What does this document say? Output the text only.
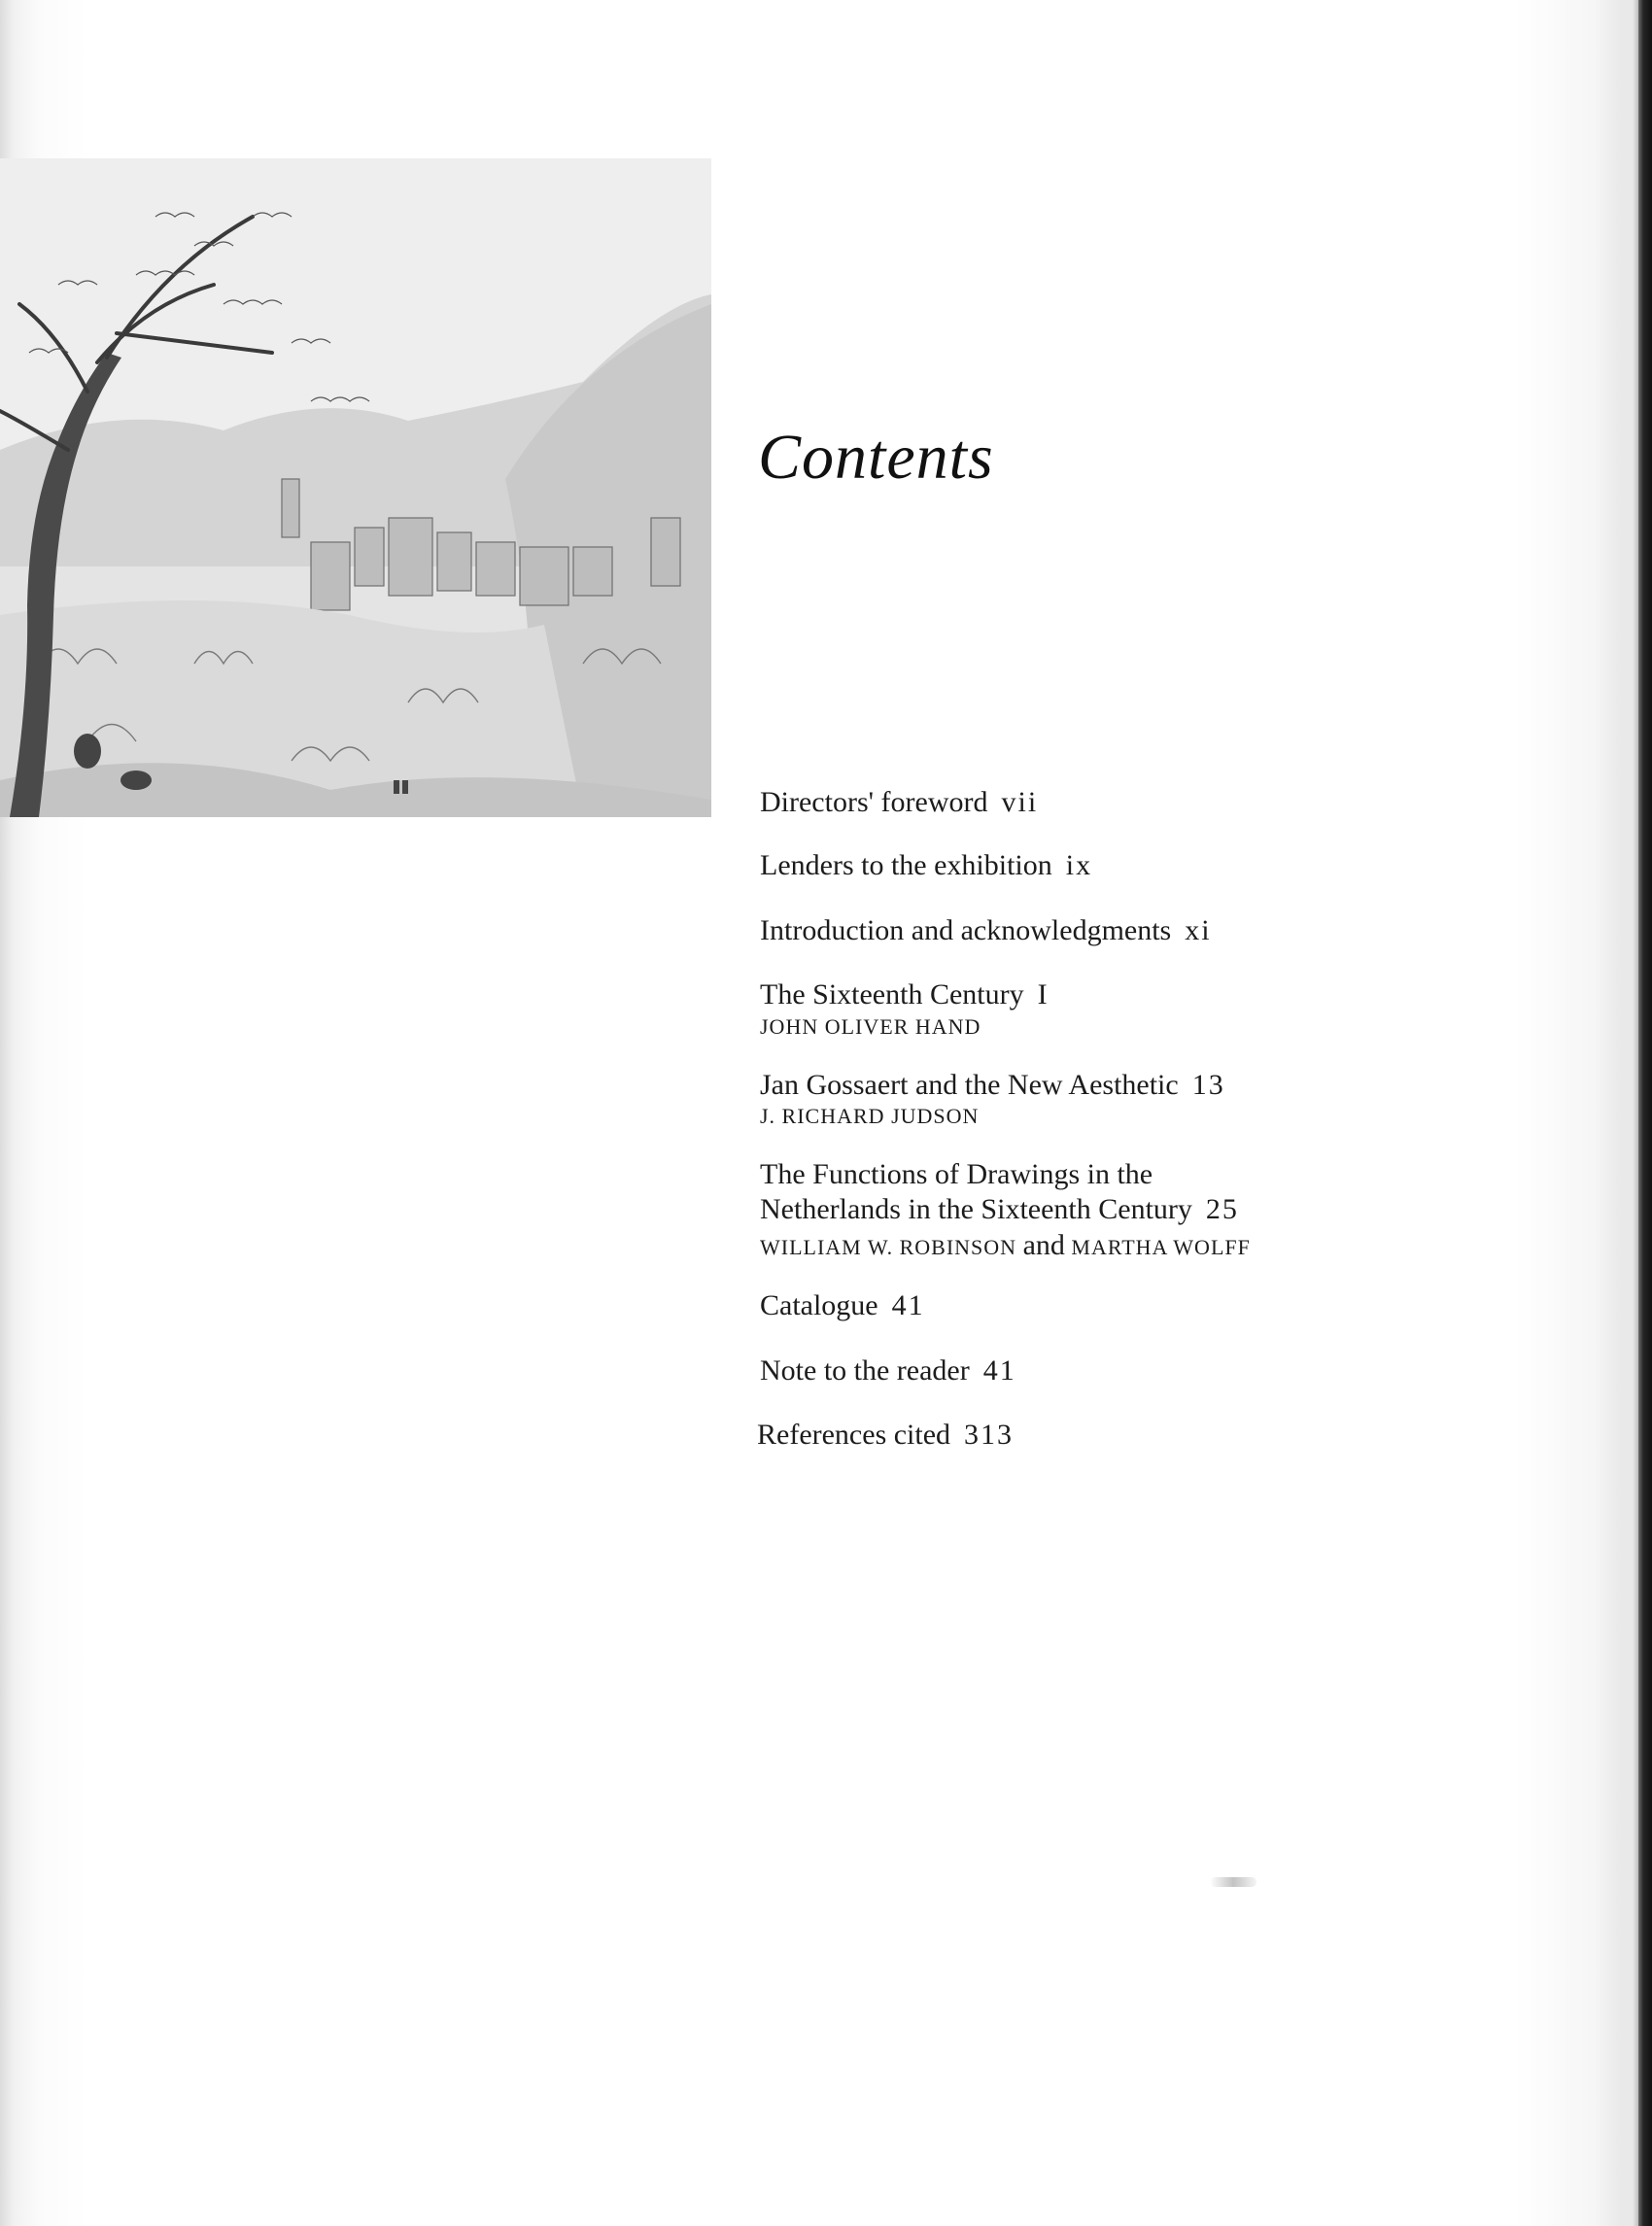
Contents

Directors' foreword vii

Lenders to the exhibition ix

Introduction and acknowledgments xi

The Sixteenth Century I
JOHN OLIVER HAND

Jan Gossaert and the New Aesthetic 13
J. RICHARD JUDSON

The Functions of Drawings in the
Netherlands in the Sixteenth Century 25
WILLIAM W. ROBINSON and MARTHA WOLFF

Catalogue 41

Note to the reader 41

References cited 313
